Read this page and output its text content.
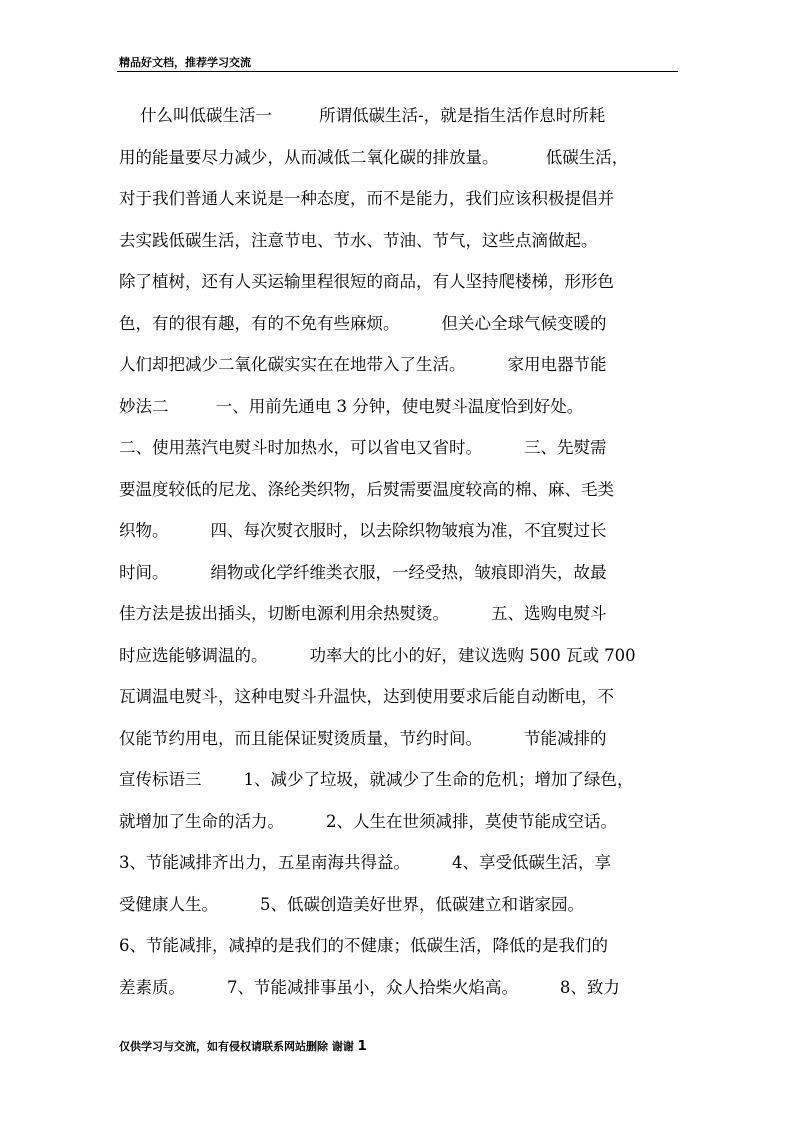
精品好文档，推荐学习交流
什么叫低碳生活一         所谓低碳生活-，就是指生活作息时所耗
用的能量要尽力减少，从而减低二氧化碳的排放量。         低碳生活，
对于我们普通人来说是一种态度，而不是能力，我们应该积极提倡并
去实践低碳生活，注意节电、节水、节油、节气，这些点滴做起。
除了植树，还有人买运输里程很短的商品，有人坚持爬楼梯，形形色
色，有的很有趣，有的不免有些麻烦。        但关心全球气候变暖的
人们却把减少二氧化碳实实在在地带入了生活。        家用电器节能
妙法二         一、用前先通电 3 分钟，使电熨斗温度恰到好处。
二、使用蒸汽电熨斗时加热水，可以省电又省时。        三、先熨需
要温度较低的尼龙、涤纶类织物，后熨需要温度较高的棉、麻、毛类
织物。        四、每次熨衣服时，以去除织物皱痕为准，不宜熨过长
时间。        绢物或化学纤维类衣服，一经受热，皱痕即消失，故最
佳方法是拔出插头，切断电源利用余热熨烫。        五、选购电熨斗
时应选能够调温的。        功率大的比小的好，建议选购 500 瓦或 700
瓦调温电熨斗，这种电熨斗升温快，达到使用要求后能自动断电，不
仅能节约用电，而且能保证熨烫质量，节约时间。        节能减排的
宣传标语三        1、减少了垃圾，就减少了生命的危机；增加了绿色，
就增加了生命的活力。        2、人生在世须减排，莫使节能成空话。
3、节能减排齐出力，五星南海共得益。        4、享受低碳生活，享
受健康人生。        5、低碳创造美好世界，低碳建立和谐家园。
6、节能减排，减掉的是我们的不健康；低碳生活，降低的是我们的
差素质。        7、节能减排事虽小，众人拾柴火焰高。        8、致力
仅供学习与交流，如有侵权请联系网站删除 谢谢 1
